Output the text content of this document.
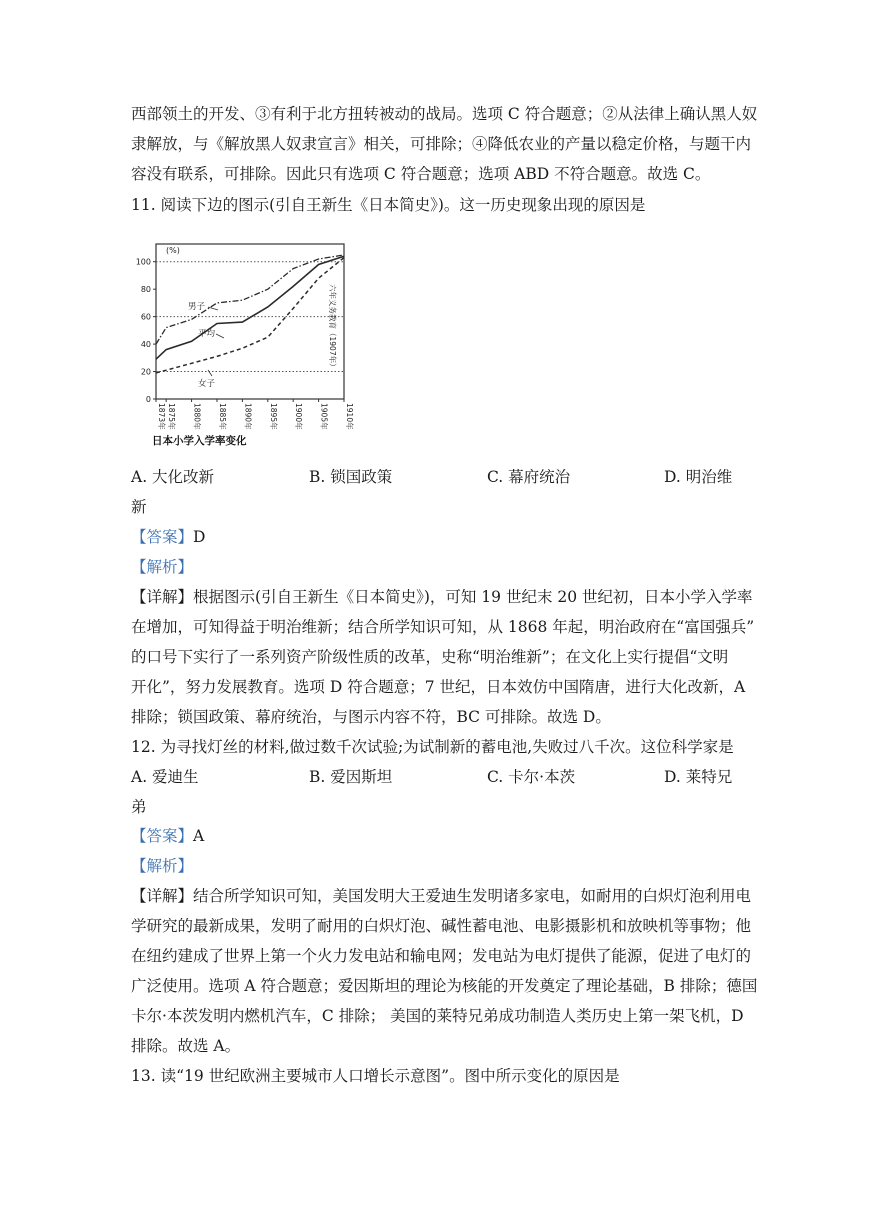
西部领土的开发、③有利于北方扭转被动的战局。选项 C 符合题意；②从法律上确认黑人奴
隶解放，与《解放黑人奴隶宣言》相关，可排除；④降低农业的产量以稳定价格，与题干内
容没有联系，可排除。因此只有选项 C 符合题意；选项 ABD 不符合题意。故选 C。
11. 阅读下边的图示(引自王新生《日本简史》)。这一历史现象出现的原因是
0
20
40
60
80
100
(%)
1873年 1875年 1880年 1885年 1890年 1895年 1900年 1905年 1910年
男子
平均
女子
六年义务教育（1907年）
日本小学入学率变化
A. 大化改新	B. 锁国政策	C. 幕府统治	D. 明治维
新
【答案】D
【解析】
【详解】根据图示(引自王新生《日本简史》)，可知 19 世纪末 20 世纪初，日本小学入学率
在增加，可知得益于明治维新；结合所学知识可知，从 1868 年起，明治政府在“富国强兵”
的口号下实行了一系列资产阶级性质的改革，史称“明治维新”；在文化上实行提倡“文明
开化”，努力发展教育。选项 D 符合题意；7 世纪，日本效仿中国隋唐，进行大化改新，A
排除；锁国政策、幕府统治，与图示内容不符，BC 可排除。故选 D。
12. 为寻找灯丝的材料,做过数千次试验;为试制新的蓄电池,失败过八千次。这位科学家是
A. 爱迪生	B. 爱因斯坦	C. 卡尔·本茨	D. 莱特兄
弟
【答案】A
【解析】
【详解】结合所学知识可知，美国发明大王爱迪生发明诸多家电，如耐用的白炽灯泡利用电
学研究的最新成果，发明了耐用的白炽灯泡、碱性蓄电池、电影摄影机和放映机等事物；他
在纽约建成了世界上第一个火力发电站和输电网；发电站为电灯提供了能源，促进了电灯的
广泛使用。选项 A 符合题意；爱因斯坦的理论为核能的开发奠定了理论基础，B 排除；德国
卡尔·本茨发明内燃机汽车，C 排除； 美国的莱特兄弟成功制造人类历史上第一架飞机，D
排除。故选 A。
13. 读“19 世纪欧洲主要城市人口增长示意图”。图中所示变化的原因是
